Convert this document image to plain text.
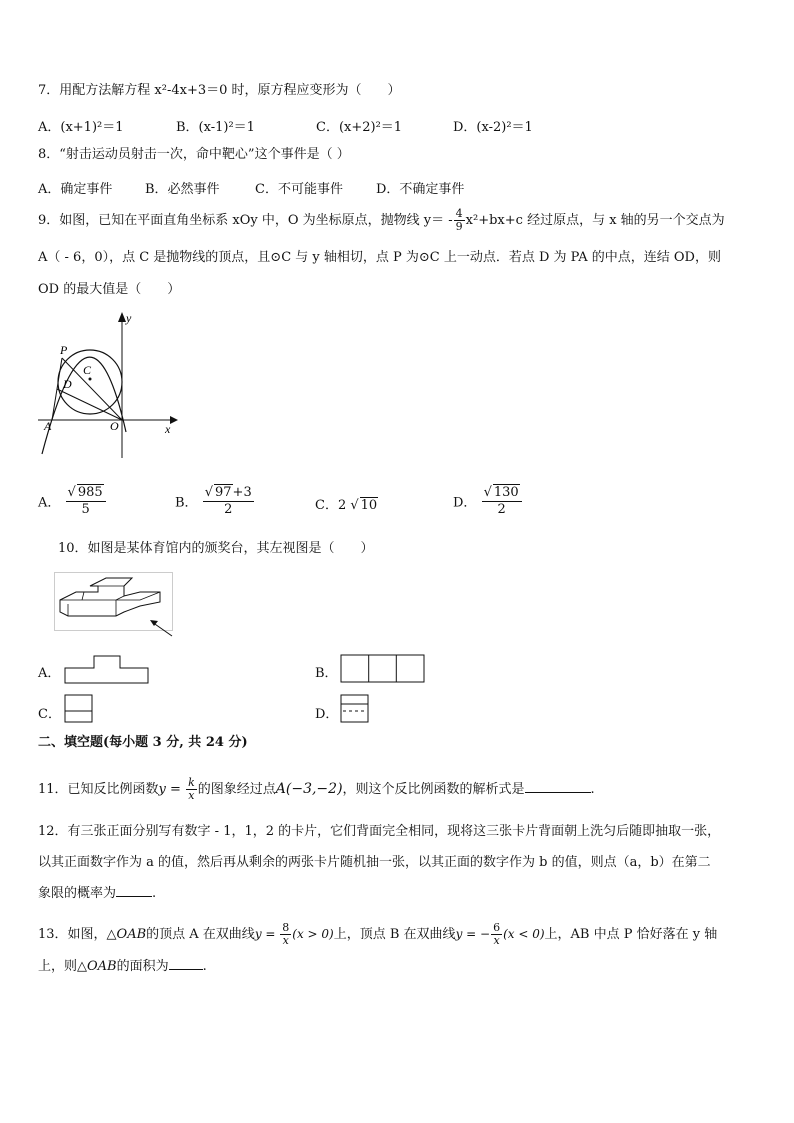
7．用配方法解方程 x²-4x+3＝0 时，原方程应变形为（　　）
A．(x+1)²＝1	B．(x-1)²＝1	C．(x+2)²＝1	D．(x-2)²＝1
8．“射击运动员射击一次，命中靶心”这个事件是（ ）
A．确定事件	B．必然事件	C．不可能事件	D．不确定事件
9．如图，已知在平面直角坐标系 xOy 中，O 为坐标原点，抛物线 $y= - \frac{4}{9} x^2+bx+c$ 经过原点，与 x 轴的另一个交点为
A（ - 6，0），点 C 是抛物线的顶点，且⊙C 与 y 轴相切，点 P 为⊙C 上一动点．若点 D 为 PA 的中点，连结 OD，则
OD 的最大值是（　　）
y
x
P
C
D
A	O
A． $\frac{√ 985}{5}$	B． $\frac{√ 97+3}{2}$	C．2 √ 10	D． $\frac{√ 130}{2}$
10．如图是某体育馆内的颁奖台，其左视图是（　　）
A．	B．
C．	D．
二、填空题(每小题 3 分, 共 24 分)
11．已知反比例函数$y = \frac{k}{x}$ 的图象经过点A(−3,−2)，则这个反比例函数的解析式是	.
12．有三张正面分别写有数字 - 1，1，2 的卡片，它们背面完全相同，现将这三张卡片背面朝上洗匀后随即抽取一张，
以其正面数字作为 a 的值，然后再从剩余的两张卡片随机抽一张，以其正面的数字作为 b 的值，则点（a，b）在第二
象限的概率为	.
13．如图，△OAB的顶点 A 在双曲线$y = \frac{8}{x} (x > 0)$上，顶点 B 在双曲线y = − $\frac{6}{x} (x < 0)$上，AB 中点 P 恰好落在 y 轴
上，则△OAB的面积为	.
